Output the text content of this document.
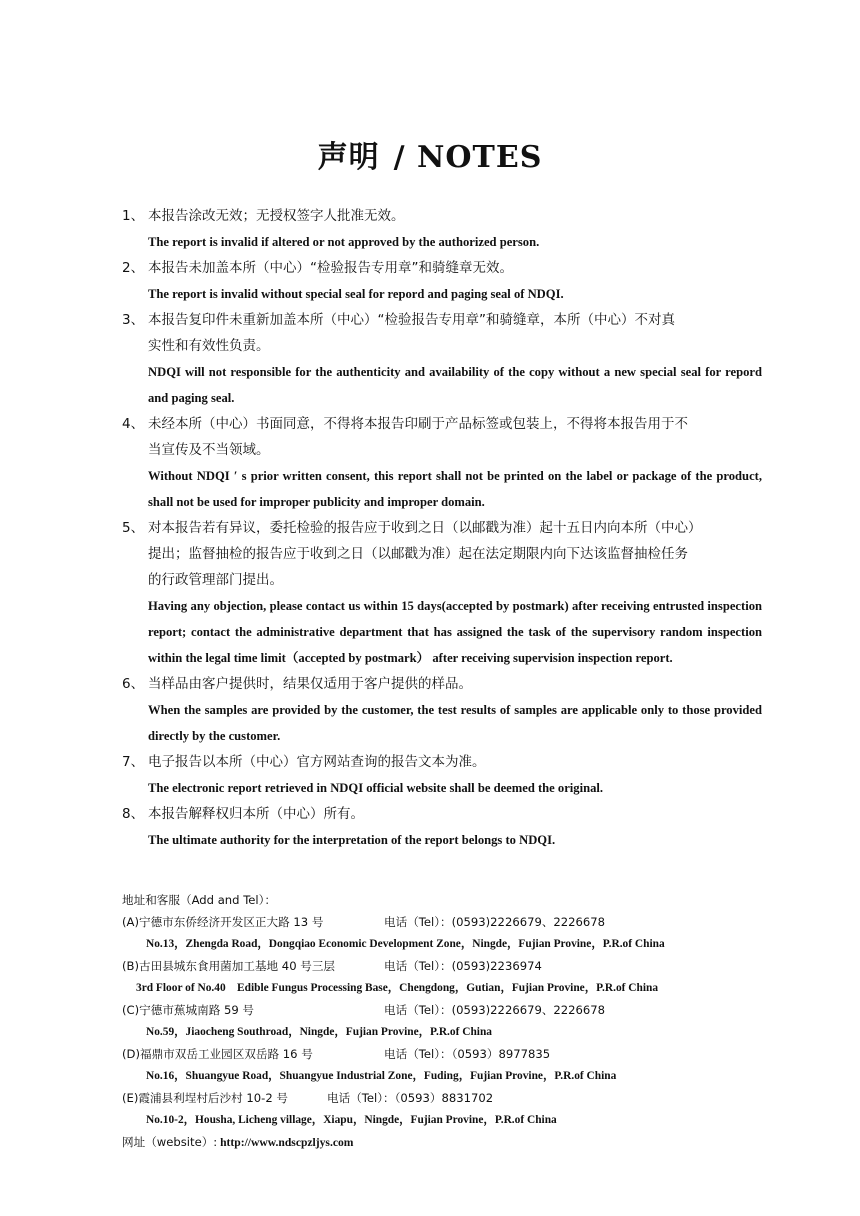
声明 / NOTES
1、 本报告涂改无效；无授权签字人批准无效。
The report is invalid if altered or not approved by the authorized person.
2、 本报告未加盖本所（中心）“检验报告专用章”和骑缝章无效。
The report is invalid without special seal for repord and paging seal of NDQI.
3、 本报告复印件未重新加盖本所（中心）“检验报告专用章”和骑缝章，本所（中心）不对真
实性和有效性负责。
NDQI will not responsible for the authenticity and availability of the copy without a new special seal for repord and paging seal.
4、 未经本所（中心）书面同意，不得将本报告印刷于产品标签或包装上，不得将本报告用于不
当宣传及不当领域。
Without NDQI ′ s prior written consent, this report shall not be printed on the label or package of the product, shall not be used for improper publicity and improper domain.
5、 对本报告若有异议，委托检验的报告应于收到之日（以邮戳为准）起十五日内向本所（中心）
提出；监督抽检的报告应于收到之日（以邮戳为准）起在法定期限内向下达该监督抽检任务
的行政管理部门提出。
Having any objection, please contact us within 15 days(accepted by postmark) after receiving entrusted inspection report; contact the administrative department that has assigned the task of the supervisory random inspection within the legal time limit（accepted by postmark） after receiving supervision inspection report.
6、 当样品由客户提供时，结果仅适用于客户提供的样品。
When the samples are provided by the customer, the test results of samples are applicable only to those provided directly by the customer.
7、 电子报告以本所（中心）官方网站查询的报告文本为准。
The electronic report retrieved in NDQI official website shall be deemed the original.
8、 本报告解释权归本所（中心）所有。
The ultimate authority for the interpretation of the report belongs to NDQI.
地址和客服（Add and Tel）：
(A)宁德市东侨经济开发区正大路 13 号	电话（Tel）：(0593)2226679、2226678
No.13，Zhengda Road，Dongqiao Economic Development Zone，Ningde，Fujian Provine，P.R.of China
(B)古田县城东食用菌加工基地 40 号三层	电话（Tel）：(0593)2236974
3rd Floor of No.40　Edible Fungus Processing Base，Chengdong，Gutian，Fujian Provine，P.R.of China
(C)宁德市蕉城南路 59 号	电话（Tel）：(0593)2226679、2226678
No.59，Jiaocheng Southroad，Ningde，Fujian Provine，P.R.of China
(D)福鼎市双岳工业园区双岳路 16 号	电话（Tel）：（0593）8977835
No.16，Shuangyue Road，Shuangyue Industrial Zone，Fuding，Fujian Provine，P.R.of China
(E)霞浦县利埕村后沙村 10-2 号	电话（Tel）：（0593）8831702
No.10-2，Housha, Licheng village，Xiapu，Ningde，Fujian Provine，P.R.of China
网址（website）: http://www.ndscpzljys.com
